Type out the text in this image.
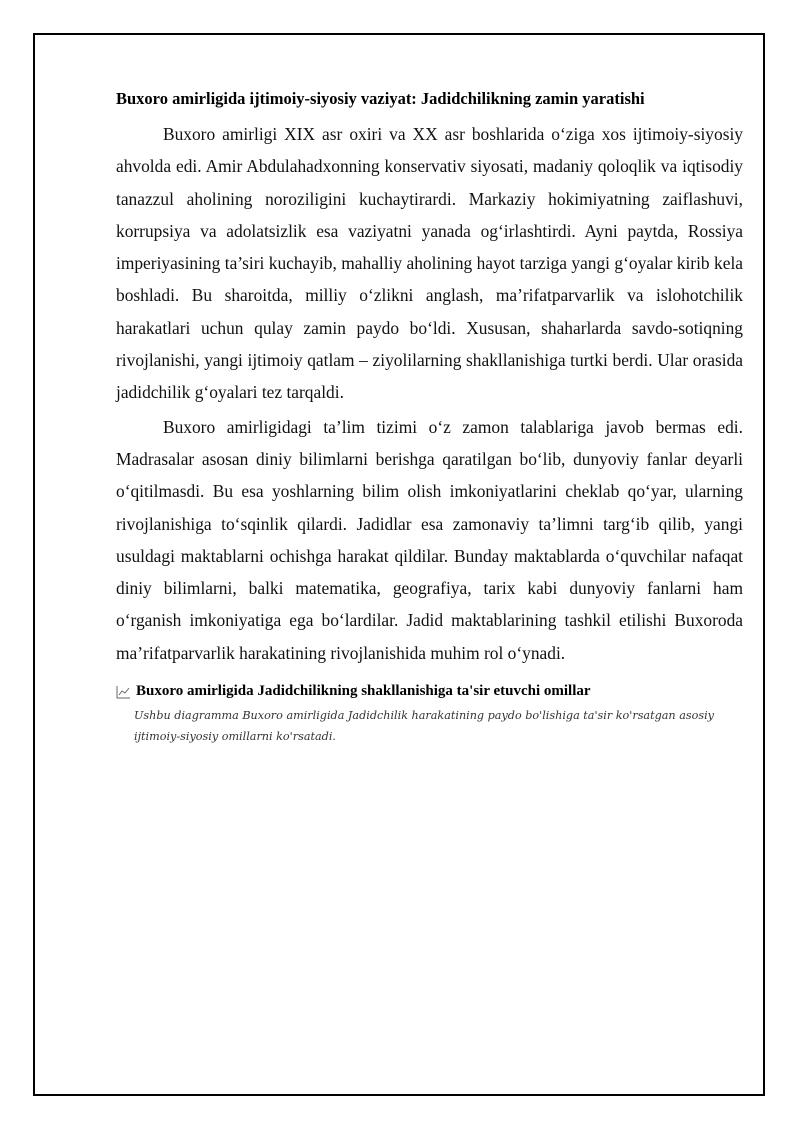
Buxoro amirligida ijtimoiy-siyosiy vaziyat: Jadidchilikning zamin yaratishi

Buxoro amirligi XIX asr oxiri va XX asr boshlarida o‘ziga xos ijtimoiy-siyosiy ahvolda edi. Amir Abdulahadxonning konservativ siyosati, madaniy qoloqlik va iqtisodiy tanazzul aholining noroziligini kuchaytirardi. Markaziy hokimiyatning zaiflashuvi, korrupsiya va adolatsizlik esa vaziyatni yanada og‘irlashtirdi. Ayni paytda, Rossiya imperiyasining ta’siri kuchayib, mahalliy aholining hayot tarziga yangi g‘oyalar kirib kela boshladi. Bu sharoitda, milliy o‘zlikni anglash, ma’rifatparvarlik va islohotchilik harakatlari uchun qulay zamin paydo bo‘ldi. Xususan, shaharlarda savdo-sotiqning rivojlanishi, yangi ijtimoiy qatlam – ziyolilarning shakllanishiga turtki berdi. Ular orasida jadidchilik g‘oyalari tez tarqaldi.

Buxoro amirligidagi ta’lim tizimi o‘z zamon talablariga javob bermas edi. Madrasalar asosan diniy bilimlarni berishga qaratilgan bo‘lib, dunyoviy fanlar deyarli o‘qitilmasdi. Bu esa yoshlarning bilim olish imkoniyatlarini cheklab qo‘yar, ularning rivojlanishiga to‘sqinlik qilardi. Jadidlar esa zamonaviy ta’limni targ‘ib qilib, yangi usuldagi maktablarni ochishga harakat qildilar. Bunday maktablarda o‘quvchilar nafaqat diniy bilimlarni, balki matematika, geografiya, tarix kabi dunyoviy fanlarni ham o‘rganish imkoniyatiga ega bo‘lardilar. Jadid maktablarining tashkil etilishi Buxoroda ma’rifatparvarlik harakatining rivojlanishida muhim rol o‘ynadi.

Buxoro amirligida Jadidchilikning shakllanishiga ta'sir etuvchi omillar
Ushbu diagramma Buxoro amirligida Jadidchilik harakatining paydo bo'lishiga ta'sir ko'rsatgan asosiy ijtimoiy-siyosiy omillarni ko'rsatadi.
